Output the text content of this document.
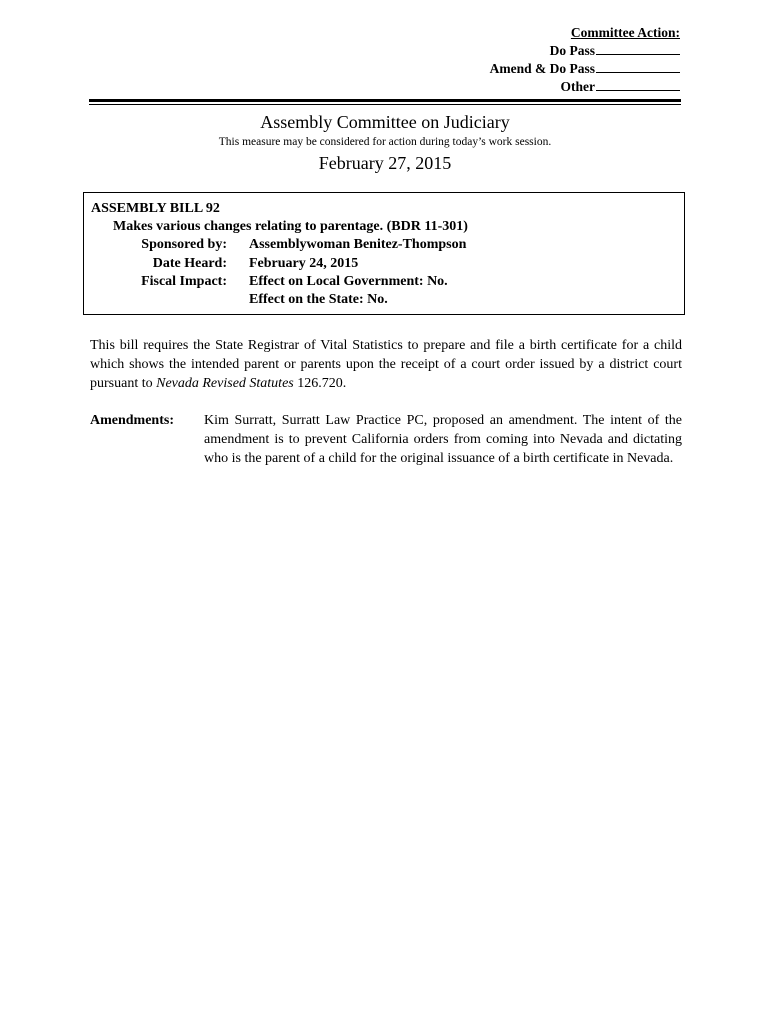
Committee Action:
Do Pass
Amend & Do Pass
Other
Assembly Committee on Judiciary
This measure may be considered for action during today’s work session.
February 27, 2015
ASSEMBLY BILL 92
Makes various changes relating to parentage. (BDR 11-301)
Sponsored by: Assemblywoman Benitez-Thompson
Date Heard: February 24, 2015
Fiscal Impact: Effect on Local Government: No.
Effect on the State: No.
This bill requires the State Registrar of Vital Statistics to prepare and file a birth certificate for a child which shows the intended parent or parents upon the receipt of a court order issued by a district court pursuant to Nevada Revised Statutes 126.720.
Amendments: Kim Surratt, Surratt Law Practice PC, proposed an amendment. The intent of the amendment is to prevent California orders from coming into Nevada and dictating who is the parent of a child for the original issuance of a birth certificate in Nevada.
